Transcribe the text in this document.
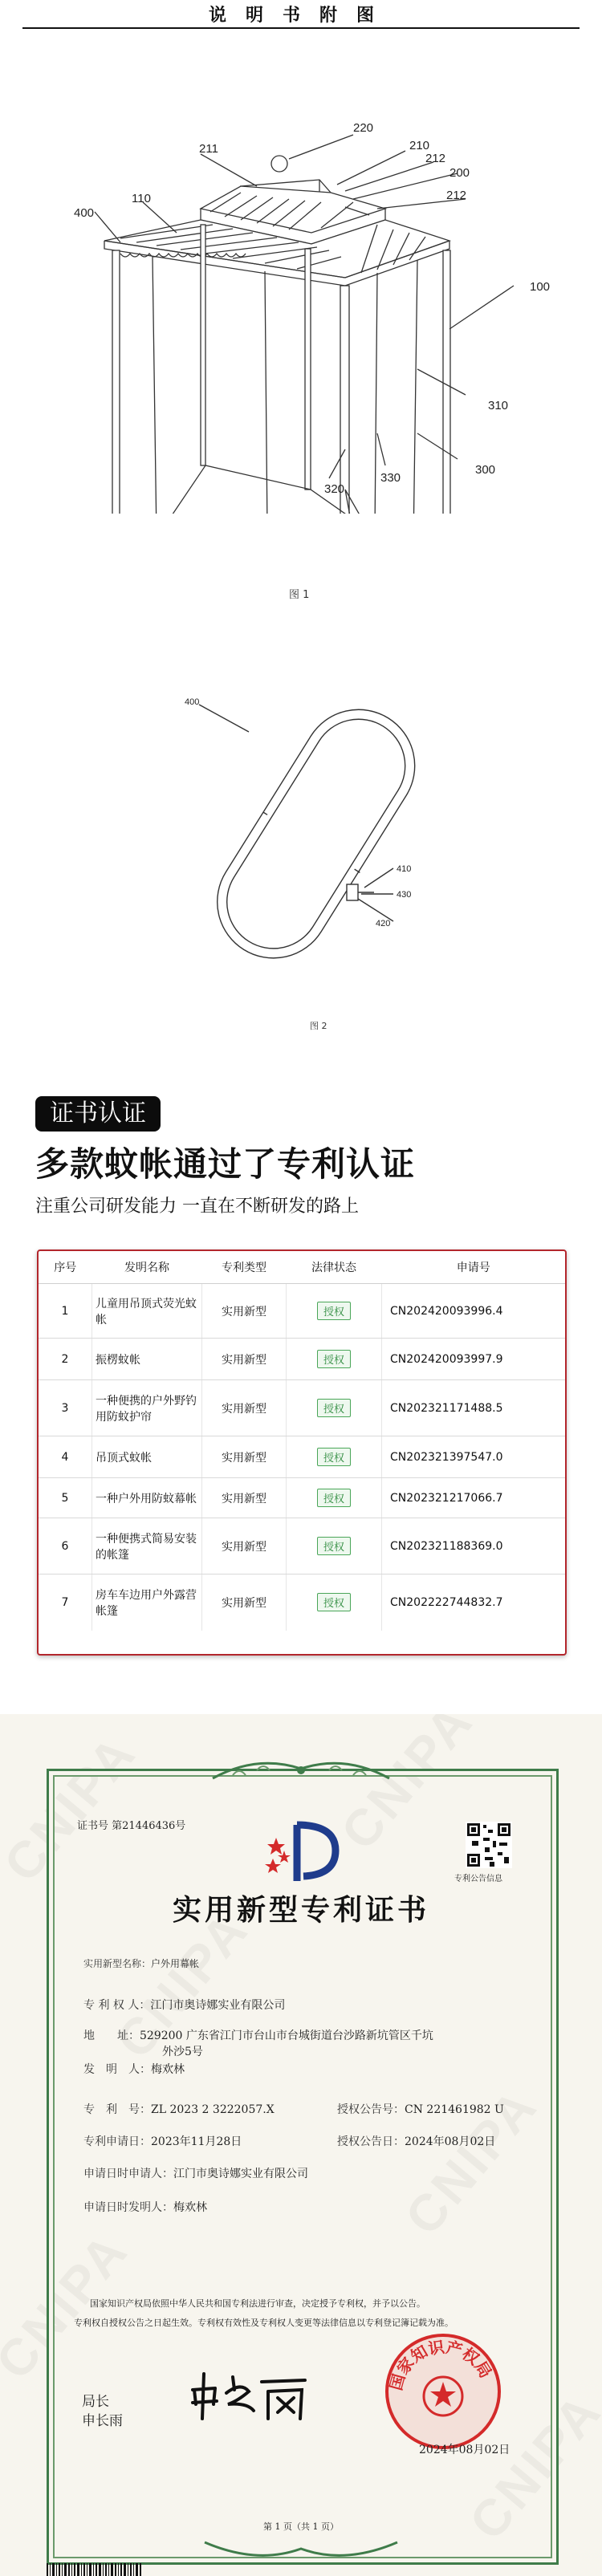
说明书附图
220
210
212
200
212
211
110
400
100
310
300
330
320
图 1
400
410
430
420
图 2
证书认证
多款蚊帐通过了专利认证
注重公司研发能力 一直在不断研发的路上
序号	发明名称	专利类型	法律状态	申请号
1	儿童用吊顶式荧光蚊帐	实用新型	授权	CN202420093996.4
2	振楞蚊帐	实用新型	授权	CN202420093997.9
3	一种便携的户外野钓用防蚊护帘	实用新型	授权	CN202321171488.5
4	吊顶式蚊帐	实用新型	授权	CN202321397547.0
5	一种户外用防蚊幕帐	实用新型	授权	CN202321217066.7
6	一种便携式简易安装的帐篷	实用新型	授权	CN202321188369.0
7	房车车边用户外露营帐篷	实用新型	授权	CN202222744832.7
证书号 第21446436号
专利公告信息
实用新型专利证书
实用新型名称：户外用幕帐
专 利 权 人：江门市奥诗娜实业有限公司
地　　址：529200 广东省江门市台山市台城街道台沙路新坑管区千坑
外沙5号
发　明　人：梅欢林
专　利　号：ZL 2023 2 3222057.X	授权公告号：CN 221461982 U
专利申请日：2023年11月28日	授权公告日：2024年08月02日
申请日时申请人：江门市奥诗娜实业有限公司
申请日时发明人：梅欢林
国家知识产权局依照中华人民共和国专利法进行审查，决定授予专利权，并予以公告。
专利权自授权公告之日起生效。专利权有效性及专利权人变更等法律信息以专利登记簿记载为准。
局长
申长雨
国家知识产权局
2024年08月02日
第 1 页（共 1 页）
